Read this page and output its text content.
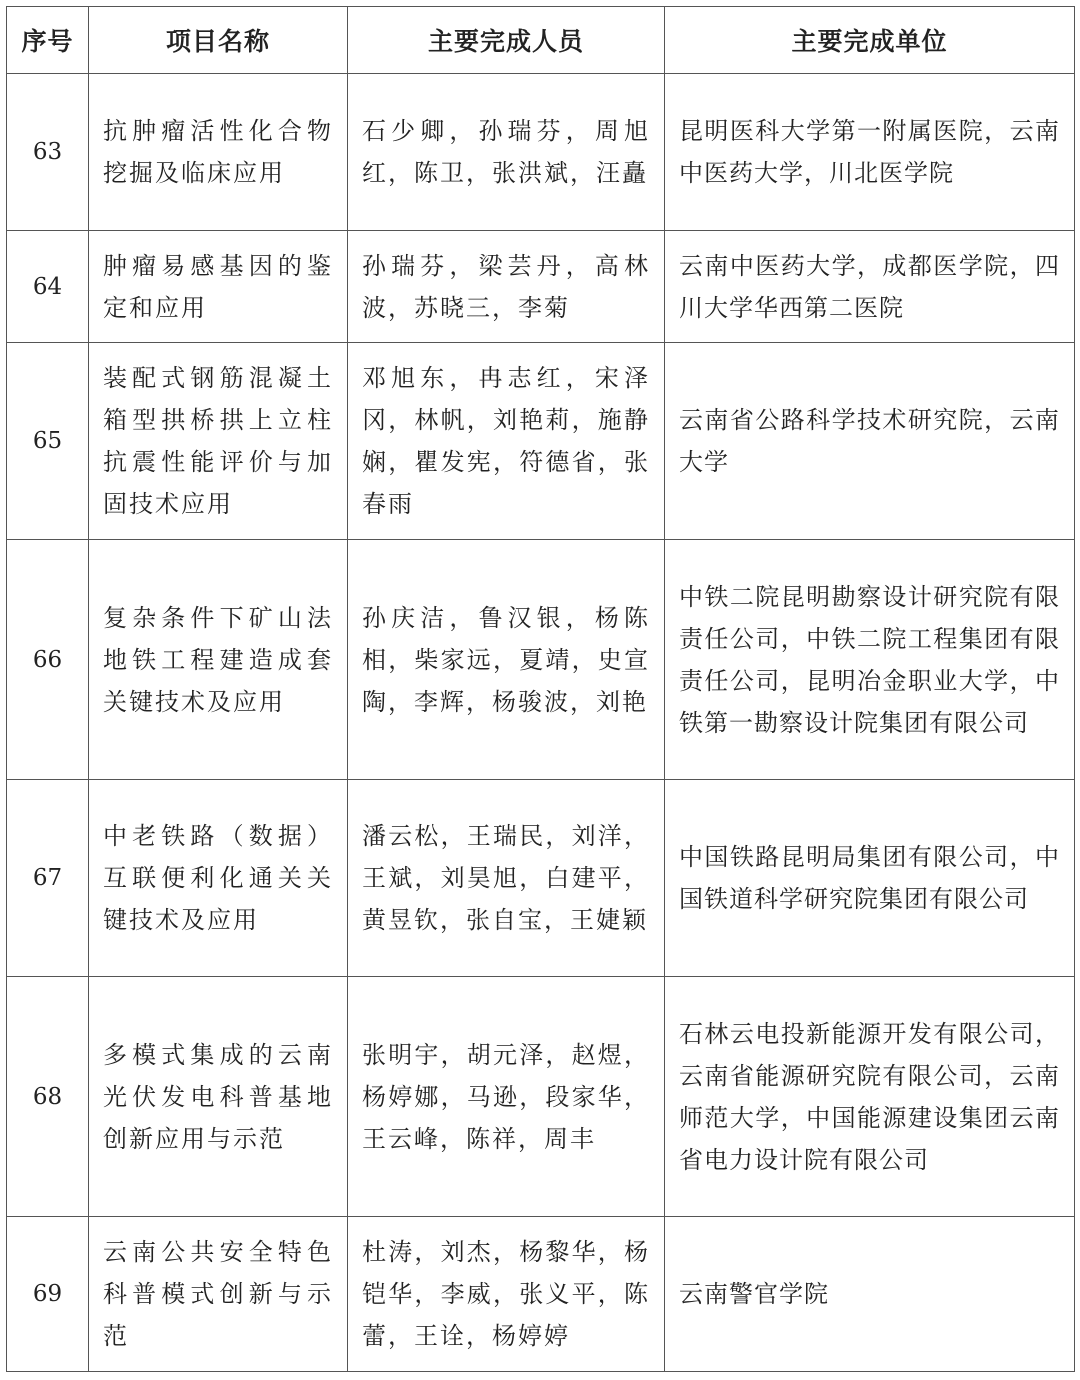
序号	项目名称	主要完成人员	主要完成单位
63	抗肿瘤活性化合物挖掘及临床应用	石少卿，孙瑞芬，周旭红，陈卫，张洪斌，汪矗	昆明医科大学第一附属医院，云南中医药大学，川北医学院
64	肿瘤易感基因的鉴定和应用	孙瑞芬，梁芸丹，高林波，苏晓三，李菊	云南中医药大学，成都医学院，四川大学华西第二医院
65	装配式钢筋混凝土箱型拱桥拱上立柱抗震性能评价与加固技术应用	邓旭东，冉志红，宋泽冈，林帆，刘艳莉，施静娴，瞿发宪，符德省，张春雨	云南省公路科学技术研究院，云南大学
66	复杂条件下矿山法地铁工程建造成套关键技术及应用	孙庆洁，鲁汉银，杨陈相，柴家远，夏靖，史宣陶，李辉，杨骏波，刘艳	中铁二院昆明勘察设计研究院有限责任公司，中铁二院工程集团有限责任公司，昆明冶金职业大学，中铁第一勘察设计院集团有限公司
67	中老铁路（数据）互联便利化通关关键技术及应用	潘云松，王瑞民，刘洋，王斌，刘昊旭，白建平，黄昱钦，张自宝，王婕颖	中国铁路昆明局集团有限公司，中国铁道科学研究院集团有限公司
68	多模式集成的云南光伏发电科普基地创新应用与示范	张明宇，胡元泽，赵煜，杨婷娜，马逊，段家华，王云峰，陈祥，周丰	石林云电投新能源开发有限公司，云南省能源研究院有限公司，云南师范大学，中国能源建设集团云南省电力设计院有限公司
69	云南公共安全特色科普模式创新与示范	杜涛，刘杰，杨黎华，杨铠华，李威，张义平，陈蕾，王诠，杨婷婷	云南警官学院
